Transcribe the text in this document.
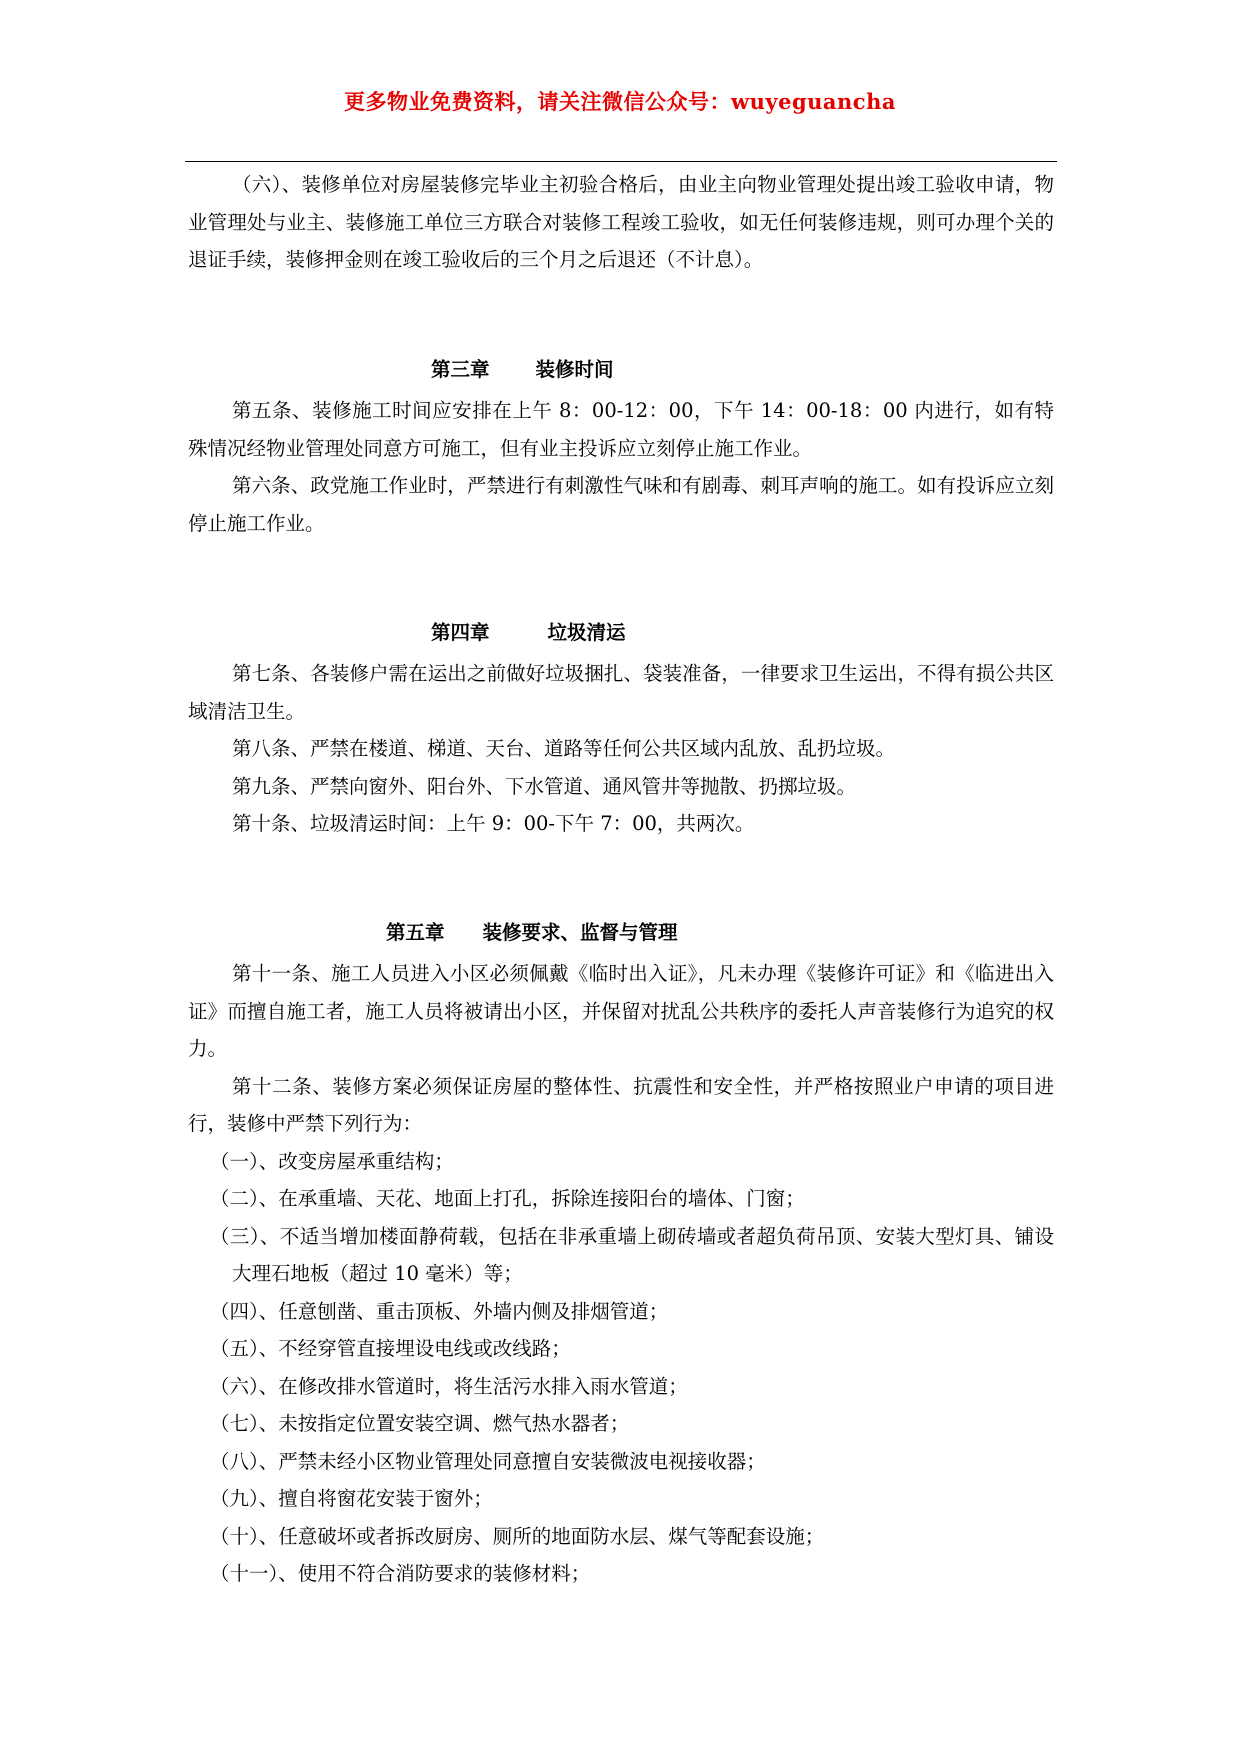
更多物业免费资料，请关注微信公众号：wuyeguancha

（六）、装修单位对房屋装修完毕业主初验合格后，由业主向物业管理处提出竣工验收申请，物业管理处与业主、装修施工单位三方联合对装修工程竣工验收，如无任何装修违规，则可办理个关的退证手续，装修押金则在竣工验收后的三个月之后退还（不计息）。

第三章 装修时间

第五条、装修施工时间应安排在上午 8：00-12：00，下午 14：00-18：00 内进行，如有特殊情况经物业管理处同意方可施工，但有业主投诉应立刻停止施工作业。

第六条、政党施工作业时，严禁进行有刺激性气味和有剧毒、刺耳声响的施工。如有投诉应立刻停止施工作业。

第四章	垃圾清运

第七条、各装修户需在运出之前做好垃圾捆扎、袋装准备，一律要求卫生运出，不得有损公共区域清洁卫生。

第八条、严禁在楼道、梯道、天台、道路等任何公共区域内乱放、乱扔垃圾。

第九条、严禁向窗外、阳台外、下水管道、通风管井等抛散、扔掷垃圾。

第十条、垃圾清运时间：上午 9：00-下午 7：00，共两次。

第五章 装修要求、监督与管理

第十一条、施工人员进入小区必须佩戴《临时出入证》，凡未办理《装修许可证》和《临进出入证》而擅自施工者，施工人员将被请出小区，并保留对扰乱公共秩序的委托人声音装修行为追究的权力。

第十二条、装修方案必须保证房屋的整体性、抗震性和安全性，并严格按照业户申请的项目进行，装修中严禁下列行为：

（一）、改变房屋承重结构；

（二）、在承重墙、天花、地面上打孔，拆除连接阳台的墙体、门窗；

（三）、不适当增加楼面静荷载，包括在非承重墙上砌砖墙或者超负荷吊顶、安装大型灯具、铺设大理石地板（超过 10 毫米）等；

（四）、任意刨凿、重击顶板、外墙内侧及排烟管道；

（五）、不经穿管直接埋设电线或改线路；

（六）、在修改排水管道时，将生活污水排入雨水管道；

（七）、未按指定位置安装空调、燃气热水器者；

（八）、严禁未经小区物业管理处同意擅自安装微波电视接收器；

（九）、擅自将窗花安装于窗外；

（十）、任意破坏或者拆改厨房、厕所的地面防水层、煤气等配套设施；

（十一）、使用不符合消防要求的装修材料；
